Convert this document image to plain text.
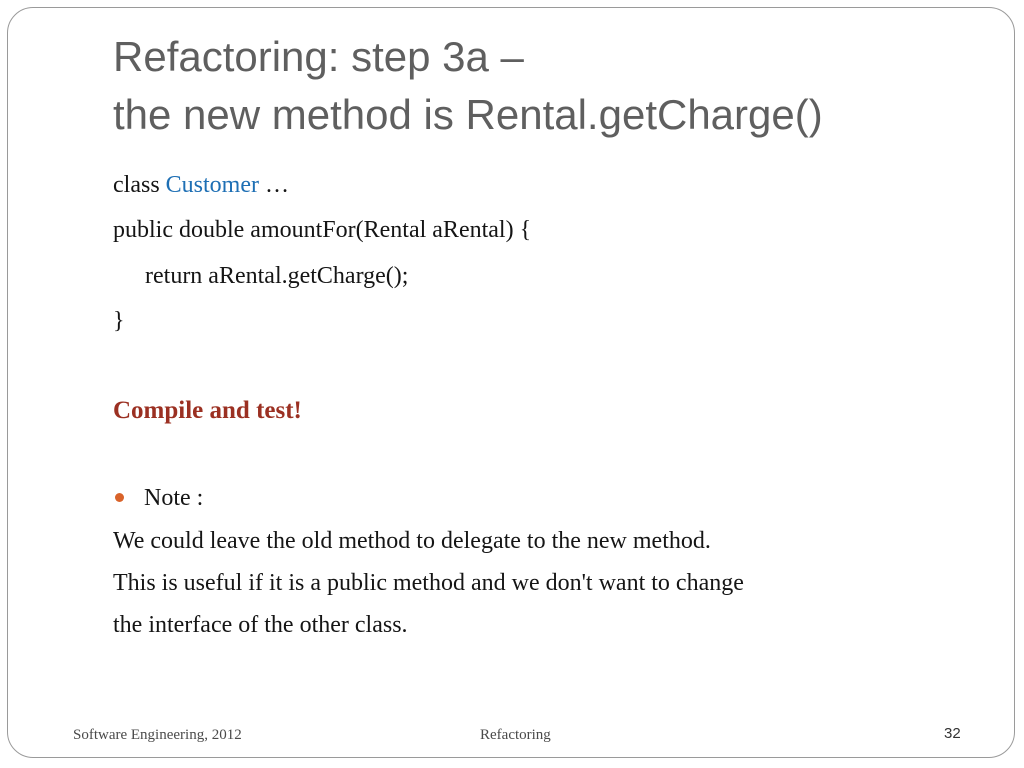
Refactoring: step 3a –
the new method is Rental.getCharge()
class Customer …
public double amountFor(Rental aRental) {
return aRental.getCharge();
}
Compile and test!
Note :
We could leave the old method to delegate to the new method.
This is useful if it is a public method and we don't want to change
the interface of the other class.
Software Engineering, 2012	Refactoring	32
